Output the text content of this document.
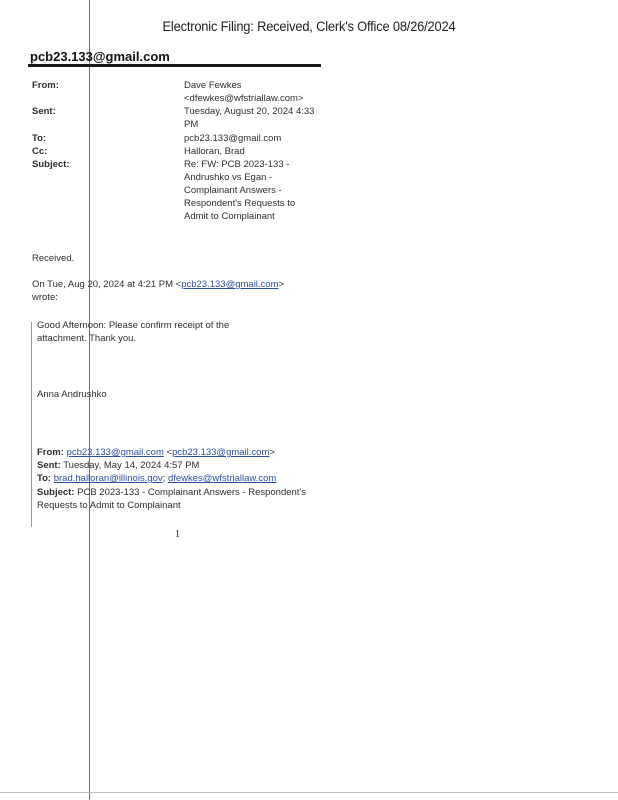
Electronic Filing: Received, Clerk's Office 08/26/2024
pcb23.133@gmail.com
From:
Sent:
To:
Cc:
Subject:
Dave Fewkes
<dfewkes@wfstriallaw.com>
Tuesday, August 20, 2024 4:33
PM
pcb23.133@gmail.com
Halloran, Brad
Re: FW: PCB 2023-133 -
Andrushko vs Egan -
Complainant Answers -
Respondent's Requests to
Admit to Complainant
Received.
On Tue, Aug 20, 2024 at 4:21 PM <pcb23.133@gmail.com>
wrote:
Good Afternoon: Please confirm receipt of the
attachment. Thank you.
Anna Andrushko
From: pcb23.133@gmail.com <pcb23.133@gmail.com>
Sent: Tuesday, May 14, 2024 4:57 PM
To: brad.halloran@illinois.gov; dfewkes@wfstriallaw.com
Subject: PCB 2023-133 - Complainant Answers - Respondent's
Requests to Admit to Complainant
1
